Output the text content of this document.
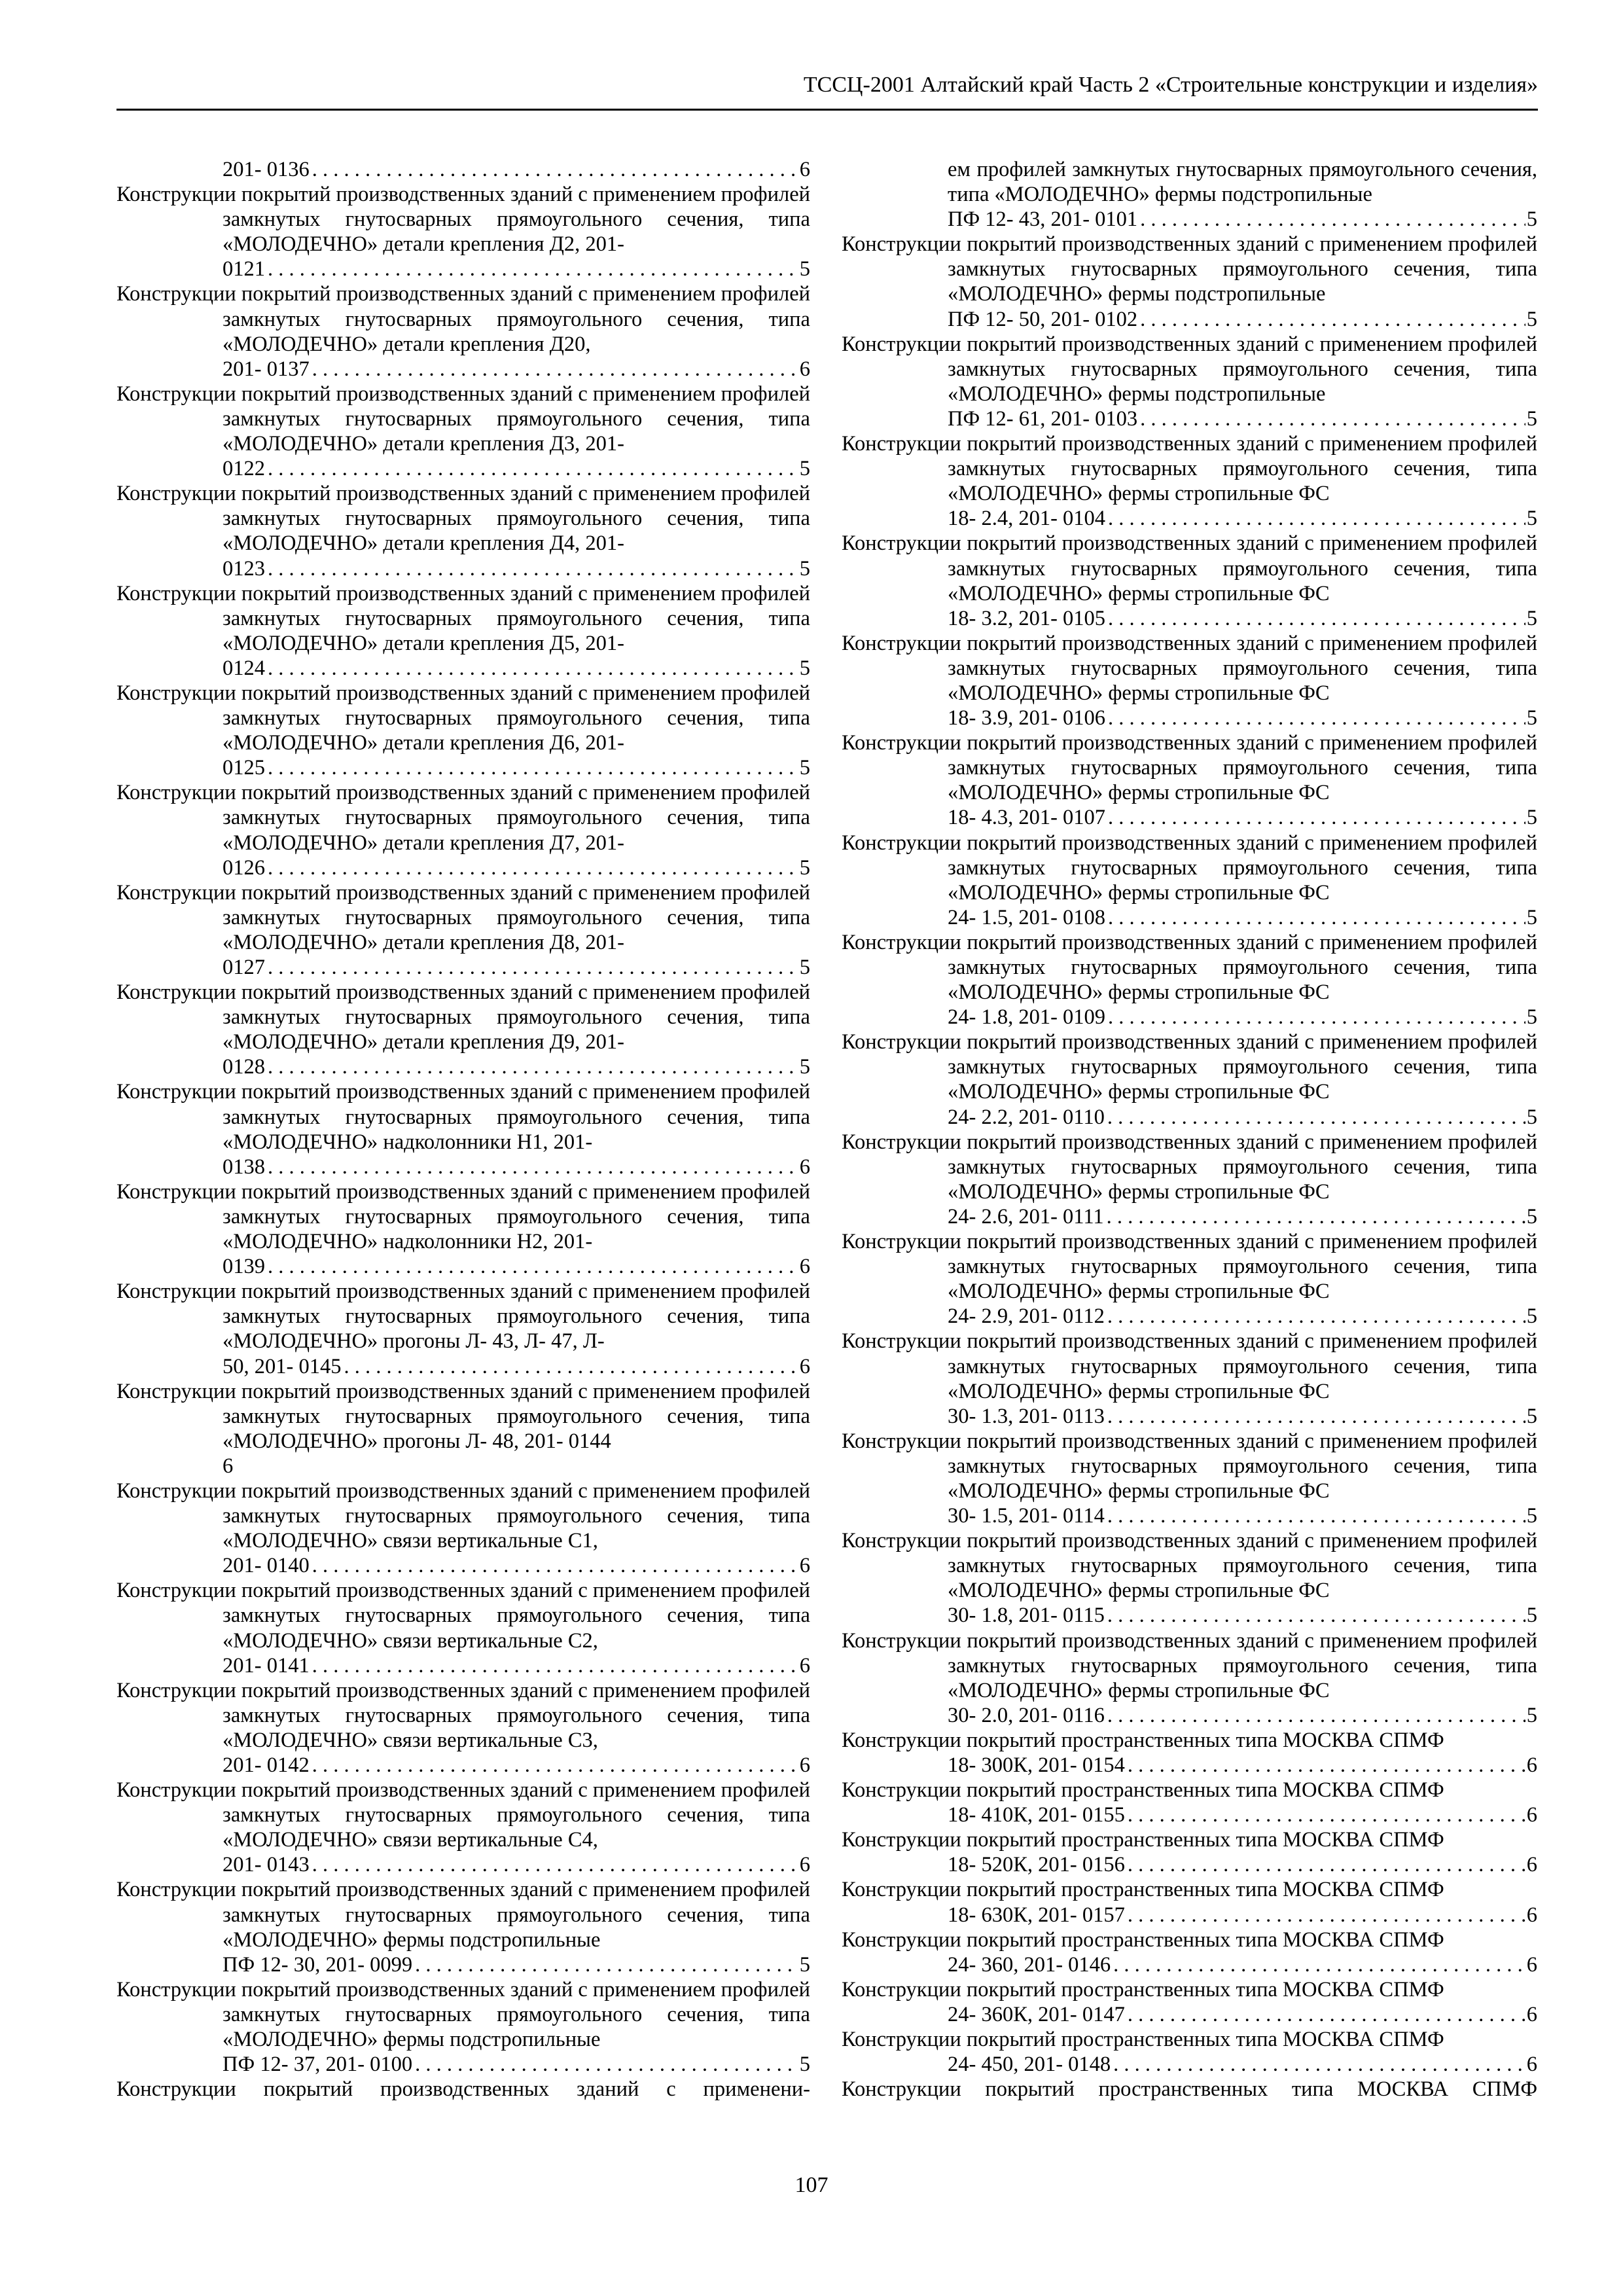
ТССЦ-2001 Алтайский край Часть 2 «Строительные конструкции и изделия»
201- 0136 . . .	6
Конструкции покрытий производственных зданий с применением профилей замкнутых гнутосварных прямоугольного сечения, типа «МОЛОДЕЧНО» детали крепления Д2, 201-
0121 . . .	5
Конструкции покрытий производственных зданий с применением профилей замкнутых гнутосварных прямоугольного сечения, типа «МОЛОДЕЧНО» детали крепления Д20,
201- 0137 . . .	6
Конструкции покрытий производственных зданий с применением профилей замкнутых гнутосварных прямоугольного сечения, типа «МОЛОДЕЧНО» детали крепления Д3, 201-
0122 . . .	5
Конструкции покрытий производственных зданий с применением профилей замкнутых гнутосварных прямоугольного сечения, типа «МОЛОДЕЧНО» детали крепления Д4, 201-
0123 . . .	5
Конструкции покрытий производственных зданий с применением профилей замкнутых гнутосварных прямоугольного сечения, типа «МОЛОДЕЧНО» детали крепления Д5, 201-
0124 . . .	5
Конструкции покрытий производственных зданий с применением профилей замкнутых гнутосварных прямоугольного сечения, типа «МОЛОДЕЧНО» детали крепления Д6, 201-
0125 . . .	5
Конструкции покрытий производственных зданий с применением профилей замкнутых гнутосварных прямоугольного сечения, типа «МОЛОДЕЧНО» детали крепления Д7, 201-
0126 . . .	5
Конструкции покрытий производственных зданий с применением профилей замкнутых гнутосварных прямоугольного сечения, типа «МОЛОДЕЧНО» детали крепления Д8, 201-
0127 . . .	5
Конструкции покрытий производственных зданий с применением профилей замкнутых гнутосварных прямоугольного сечения, типа «МОЛОДЕЧНО» детали крепления Д9, 201-
0128 . . .	5
Конструкции покрытий производственных зданий с применением профилей замкнутых гнутосварных прямоугольного сечения, типа «МОЛОДЕЧНО» надколонники Н1, 201-
0138 . . .	6
Конструкции покрытий производственных зданий с применением профилей замкнутых гнутосварных прямоугольного сечения, типа «МОЛОДЕЧНО» надколонники Н2, 201-
0139 . . .	6
Конструкции покрытий производственных зданий с применением профилей замкнутых гнутосварных прямоугольного сечения, типа «МОЛОДЕЧНО» прогоны Л- 43, Л- 47, Л-
50, 201- 0145 . . .	6
Конструкции покрытий производственных зданий с применением профилей замкнутых гнутосварных прямоугольного сечения, типа «МОЛОДЕЧНО» прогоны Л- 48, 201- 0144
6
Конструкции покрытий производственных зданий с применением профилей замкнутых гнутосварных прямоугольного сечения, типа «МОЛОДЕЧНО» связи вертикальные С1,
201- 0140 . . .	6
Конструкции покрытий производственных зданий с применением профилей замкнутых гнутосварных прямоугольного сечения, типа «МОЛОДЕЧНО» связи вертикальные С2,
201- 0141 . . .	6
Конструкции покрытий производственных зданий с применением профилей замкнутых гнутосварных прямоугольного сечения, типа «МОЛОДЕЧНО» связи вертикальные С3,
201- 0142 . . .	6
Конструкции покрытий производственных зданий с применением профилей замкнутых гнутосварных прямоугольного сечения, типа «МОЛОДЕЧНО» связи вертикальные С4,
201- 0143 . . .	6
Конструкции покрытий производственных зданий с применением профилей замкнутых гнутосварных прямоугольного сечения, типа «МОЛОДЕЧНО» фермы подстропильные
ПФ 12- 30, 201- 0099 . . .	5
Конструкции покрытий производственных зданий с применением профилей замкнутых гнутосварных прямоугольного сечения, типа «МОЛОДЕЧНО» фермы подстропильные
ПФ 12- 37, 201- 0100 . . .	5
Конструкции покрытий производственных зданий с применени-
ем профилей замкнутых гнутосварных прямоугольного сечения, типа «МОЛОДЕЧНО» фермы подстропильные
ПФ 12- 43, 201- 0101 . . .	5
Конструкции покрытий производственных зданий с применением профилей замкнутых гнутосварных прямоугольного сечения, типа «МОЛОДЕЧНО» фермы подстропильные
ПФ 12- 50, 201- 0102 . . .	5
Конструкции покрытий производственных зданий с применением профилей замкнутых гнутосварных прямоугольного сечения, типа «МОЛОДЕЧНО» фермы подстропильные
ПФ 12- 61, 201- 0103 . . .	5
Конструкции покрытий производственных зданий с применением профилей замкнутых гнутосварных прямоугольного сечения, типа «МОЛОДЕЧНО» фермы стропильные ФС
18- 2.4, 201- 0104 . . .	5
Конструкции покрытий производственных зданий с применением профилей замкнутых гнутосварных прямоугольного сечения, типа «МОЛОДЕЧНО» фермы стропильные ФС
18- 3.2, 201- 0105 . . .	5
Конструкции покрытий производственных зданий с применением профилей замкнутых гнутосварных прямоугольного сечения, типа «МОЛОДЕЧНО» фермы стропильные ФС
18- 3.9, 201- 0106 . . .	5
Конструкции покрытий производственных зданий с применением профилей замкнутых гнутосварных прямоугольного сечения, типа «МОЛОДЕЧНО» фермы стропильные ФС
18- 4.3, 201- 0107 . . .	5
Конструкции покрытий производственных зданий с применением профилей замкнутых гнутосварных прямоугольного сечения, типа «МОЛОДЕЧНО» фермы стропильные ФС
24- 1.5, 201- 0108 . . .	5
Конструкции покрытий производственных зданий с применением профилей замкнутых гнутосварных прямоугольного сечения, типа «МОЛОДЕЧНО» фермы стропильные ФС
24- 1.8, 201- 0109 . . .	5
Конструкции покрытий производственных зданий с применением профилей замкнутых гнутосварных прямоугольного сечения, типа «МОЛОДЕЧНО» фермы стропильные ФС
24- 2.2, 201- 0110 . . .	5
Конструкции покрытий производственных зданий с применением профилей замкнутых гнутосварных прямоугольного сечения, типа «МОЛОДЕЧНО» фермы стропильные ФС
24- 2.6, 201- 0111 . . .	5
Конструкции покрытий производственных зданий с применением профилей замкнутых гнутосварных прямоугольного сечения, типа «МОЛОДЕЧНО» фермы стропильные ФС
24- 2.9, 201- 0112 . . .	5
Конструкции покрытий производственных зданий с применением профилей замкнутых гнутосварных прямоугольного сечения, типа «МОЛОДЕЧНО» фермы стропильные ФС
30- 1.3, 201- 0113 . . .	5
Конструкции покрытий производственных зданий с применением профилей замкнутых гнутосварных прямоугольного сечения, типа «МОЛОДЕЧНО» фермы стропильные ФС
30- 1.5, 201- 0114 . . .	5
Конструкции покрытий производственных зданий с применением профилей замкнутых гнутосварных прямоугольного сечения, типа «МОЛОДЕЧНО» фермы стропильные ФС
30- 1.8, 201- 0115 . . .	5
Конструкции покрытий производственных зданий с применением профилей замкнутых гнутосварных прямоугольного сечения, типа «МОЛОДЕЧНО» фермы стропильные ФС
30- 2.0, 201- 0116 . . .	5
Конструкции покрытий пространственных типа МОСКВА СПМФ
18- 300К, 201- 0154 . . .	6
Конструкции покрытий пространственных типа МОСКВА СПМФ
18- 410К, 201- 0155 . . .	6
Конструкции покрытий пространственных типа МОСКВА СПМФ
18- 520К, 201- 0156 . . .	6
Конструкции покрытий пространственных типа МОСКВА СПМФ
18- 630К, 201- 0157 . . .	6
Конструкции покрытий пространственных типа МОСКВА СПМФ
24- 360, 201- 0146 . . .	6
Конструкции покрытий пространственных типа МОСКВА СПМФ
24- 360К, 201- 0147 . . .	6
Конструкции покрытий пространственных типа МОСКВА СПМФ
24- 450, 201- 0148 . . .	6
Конструкции покрытий пространственных типа МОСКВА СПМФ
107
